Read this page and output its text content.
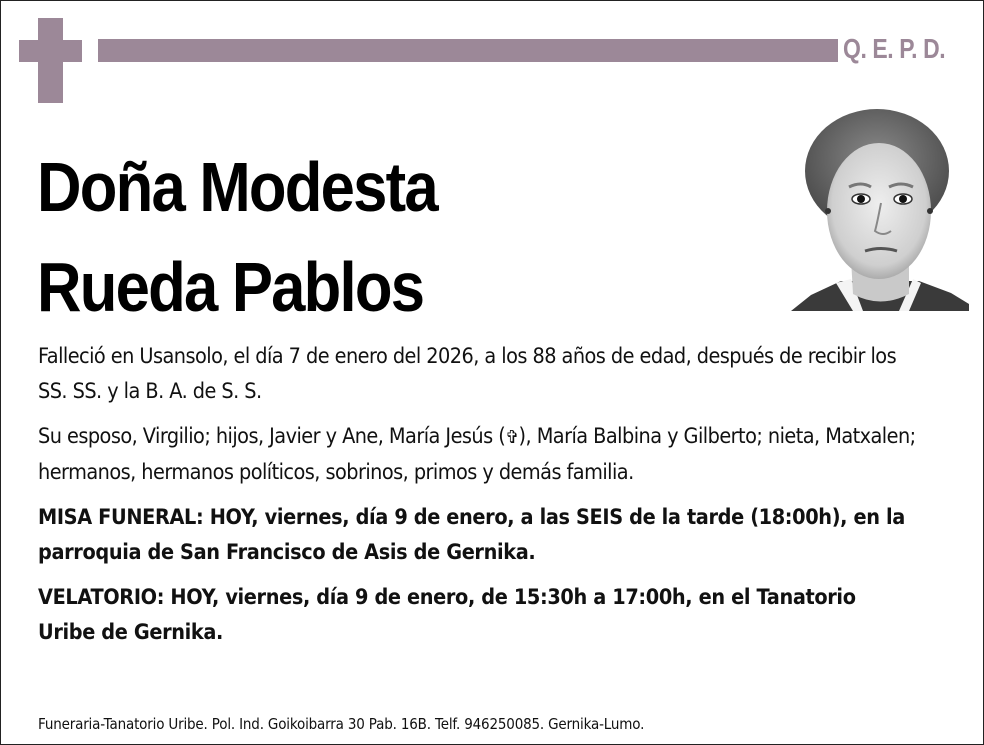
Q. E. P. D.
Doña Modesta
Rueda Pablos

Falleció en Usansolo, el día 7 de enero del 2026, a los 88 años de edad, después de recibir los SS. SS. y la B. A. de S. S.

Su esposo, Virgilio; hijos, Javier y Ane, María Jesús (✞), María Balbina y Gilberto; nieta, Matxalen; hermanos, hermanos políticos, sobrinos, primos y demás familia.

MISA FUNERAL: HOY, viernes, día 9 de enero, a las SEIS de la tarde (18:00h), en la parroquia de San Francisco de Asis de Gernika.

VELATORIO: HOY, viernes, día 9 de enero, de 15:30h a 17:00h, en el Tanatorio Uribe de Gernika.

Funeraria-Tanatorio Uribe. Pol. Ind. Goikoibarra 30 Pab. 16B. Telf. 946250085. Gernika-Lumo.
